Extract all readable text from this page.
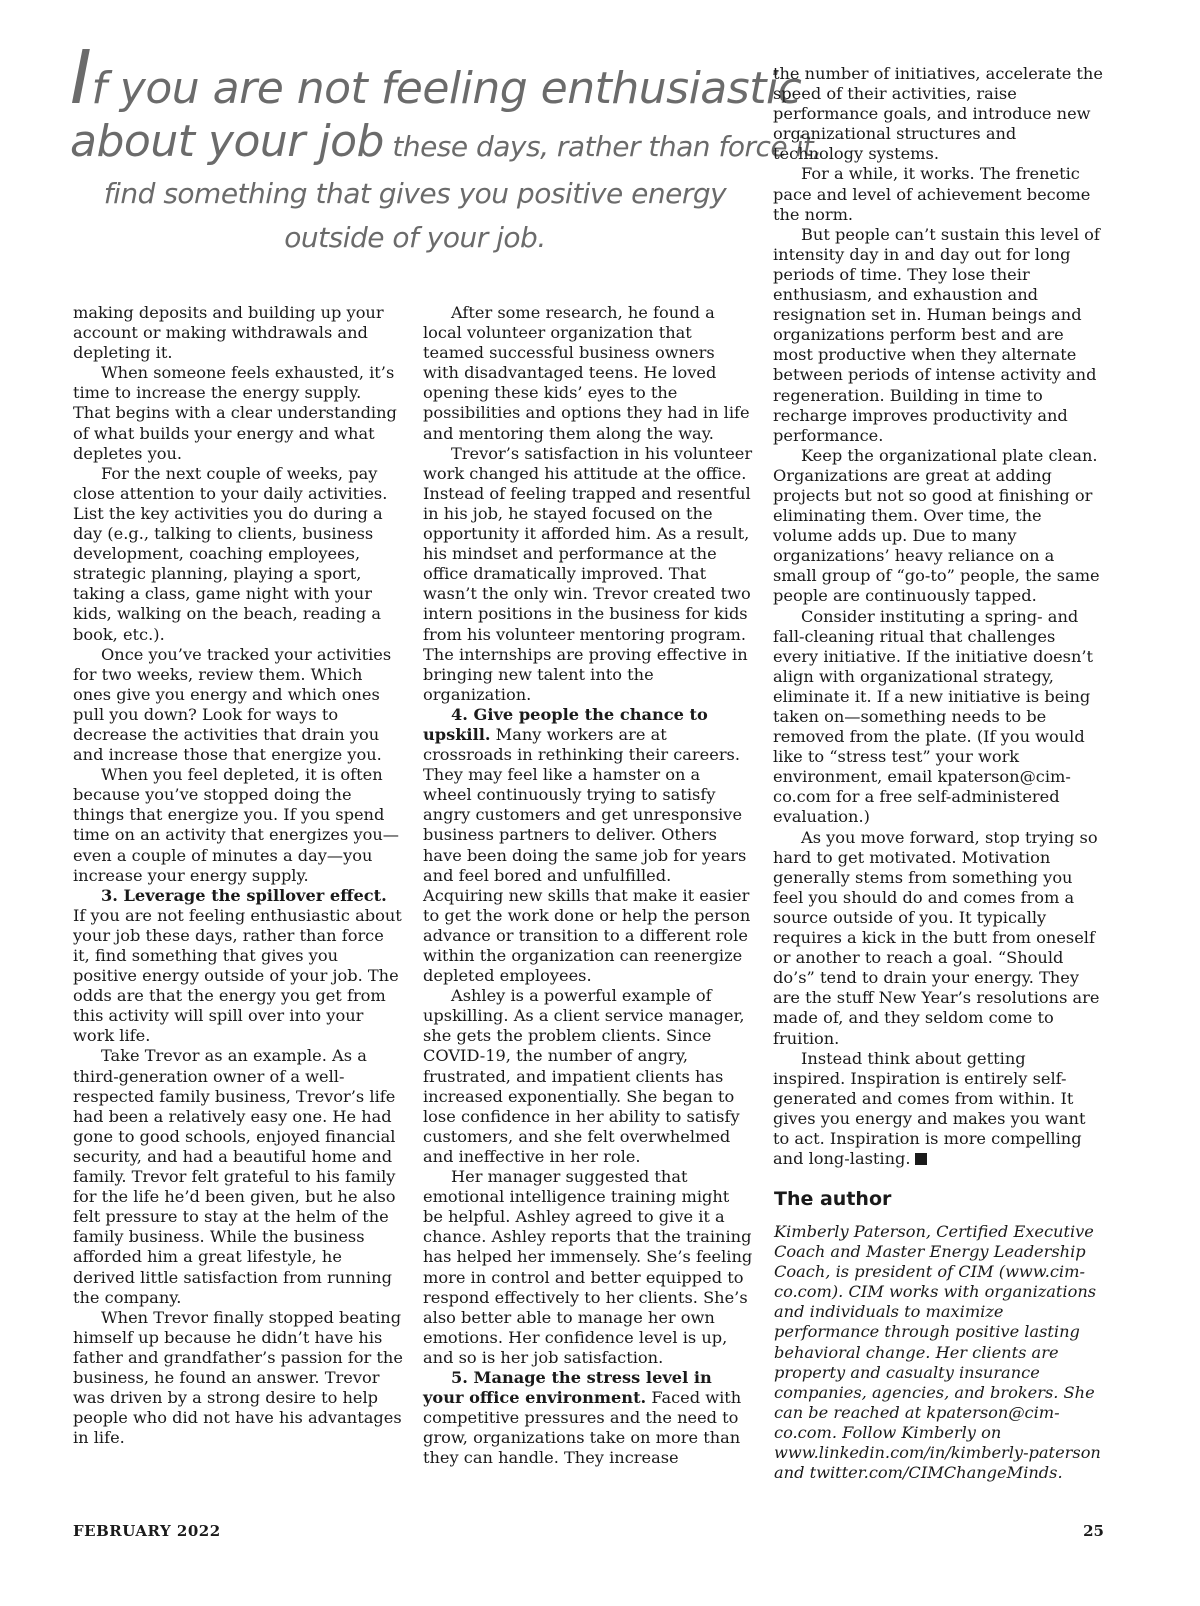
If you are not feeling enthusiastic
about your job these days, rather than force it,
find something that gives you positive energy
outside of your job.

making deposits and building up your account or making withdrawals and depleting it.

When someone feels exhausted, it’s time to increase the energy supply. That begins with a clear understanding of what builds your energy and what depletes you.

For the next couple of weeks, pay close attention to your daily activities. List the key activities you do during a day (e.g., talking to clients, business development, coaching employees, strategic planning, playing a sport, taking a class, game night with your kids, walking on the beach, reading a book, etc.).

Once you’ve tracked your activities for two weeks, review them. Which ones give you energy and which ones pull you down? Look for ways to decrease the activities that drain you and increase those that energize you.

When you feel depleted, it is often because you’ve stopped doing the things that energize you. If you spend time on an activity that energizes you—even a couple of minutes a day—you increase your energy supply.

3. Leverage the spillover effect. If you are not feeling enthusiastic about your job these days, rather than force it, find something that gives you positive energy outside of your job. The odds are that the energy you get from this activity will spill over into your work life.

Take Trevor as an example. As a third-generation owner of a well-respected family business, Trevor’s life had been a relatively easy one. He had gone to good schools, enjoyed financial security, and had a beautiful home and family. Trevor felt grateful to his family for the life he’d been given, but he also felt pressure to stay at the helm of the family business. While the business afforded him a great lifestyle, he derived little satisfaction from running the company.

When Trevor finally stopped beating himself up because he didn’t have his father and grandfather’s passion for the business, he found an answer. Trevor was driven by a strong desire to help people who did not have his advantages in life.

After some research, he found a local volunteer organization that teamed successful business owners with disadvantaged teens. He loved opening these kids’ eyes to the possibilities and options they had in life and mentoring them along the way.

Trevor’s satisfaction in his volunteer work changed his attitude at the office. Instead of feeling trapped and resentful in his job, he stayed focused on the opportunity it afforded him. As a result, his mindset and performance at the office dramatically improved. That wasn’t the only win. Trevor created two intern positions in the business for kids from his volunteer mentoring program. The internships are proving effective in bringing new talent into the organization.

4. Give people the chance to upskill. Many workers are at crossroads in rethinking their careers. They may feel like a hamster on a wheel continuously trying to satisfy angry customers and get unresponsive business partners to deliver. Others have been doing the same job for years and feel bored and unfulfilled. Acquiring new skills that make it easier to get the work done or help the person advance or transition to a different role within the organization can reenergize depleted employees.

Ashley is a powerful example of upskilling. As a client service manager, she gets the problem clients. Since COVID-19, the number of angry, frustrated, and impatient clients has increased exponentially. She began to lose confidence in her ability to satisfy customers, and she felt overwhelmed and ineffective in her role.

Her manager suggested that emotional intelligence training might be helpful. Ashley agreed to give it a chance. Ashley reports that the training has helped her immensely. She’s feeling more in control and better equipped to respond effectively to her clients. She’s also better able to manage her own emotions. Her confidence level is up, and so is her job satisfaction.

5. Manage the stress level in your office environment. Faced with competitive pressures and the need to grow, organizations take on more than they can handle. They increase

the number of initiatives, accelerate the speed of their activities, raise performance goals, and introduce new organizational structures and technology systems.

For a while, it works. The frenetic pace and level of achievement become the norm.

But people can’t sustain this level of intensity day in and day out for long periods of time. They lose their enthusiasm, and exhaustion and resignation set in. Human beings and organizations perform best and are most productive when they alternate between periods of intense activity and regeneration. Building in time to recharge improves productivity and performance.

Keep the organizational plate clean. Organizations are great at adding projects but not so good at finishing or eliminating them. Over time, the volume adds up. Due to many organizations’ heavy reliance on a small group of “go-to” people, the same people are continuously tapped.

Consider instituting a spring- and fall-cleaning ritual that challenges every initiative. If the initiative doesn’t align with organizational strategy, eliminate it. If a new initiative is being taken on—something needs to be removed from the plate. (If you would like to “stress test” your work environment, email kpaterson@cim-co.com for a free self-administered evaluation.)

As you move forward, stop trying so hard to get motivated. Motivation generally stems from something you feel you should do and comes from a source outside of you. It typically requires a kick in the butt from oneself or another to reach a goal. “Should do’s” tend to drain your energy. They are the stuff New Year’s resolutions are made of, and they seldom come to fruition.

Instead think about getting inspired. Inspiration is entirely self-generated and comes from within. It gives you energy and makes you want to act. Inspiration is more compelling and long-lasting.

The author
Kimberly Paterson, Certified Executive Coach and Master Energy Leadership Coach, is president of CIM (www.cim-co.com). CIM works with organizations and individuals to maximize performance through positive lasting behavioral change. Her clients are property and casualty insurance companies, agencies, and brokers. She can be reached at kpaterson@cim-co.com. Follow Kimberly on www.linkedin.com/in/kimberly-paterson and twitter.com/CIMChangeMinds.
FEBRUARY 2022	25
